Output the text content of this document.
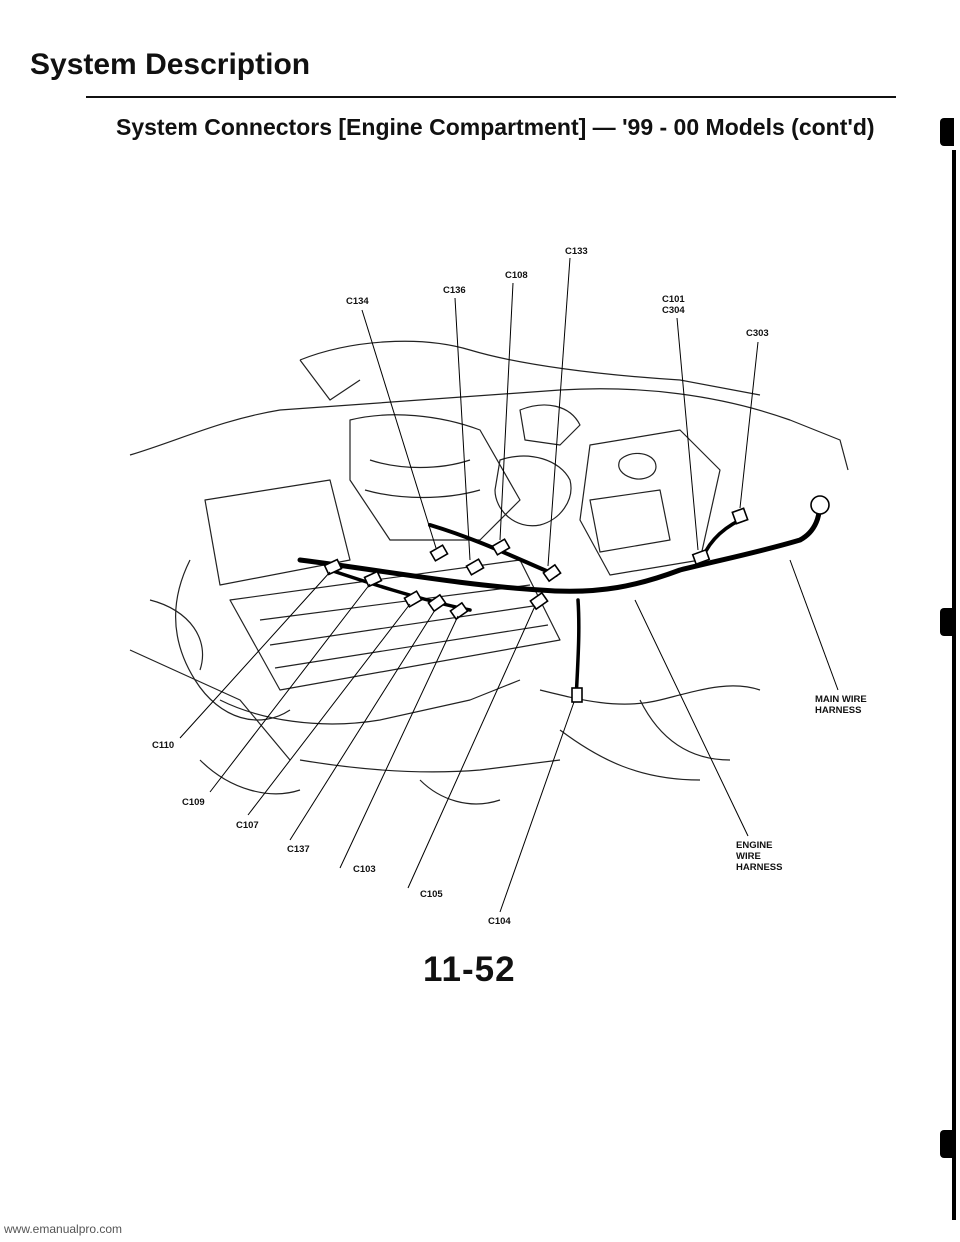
System Description
System Connectors [Engine Compartment] — '99 - 00 Models (cont'd)
C133
C108
C136
C134	C101
C304
C303
MAIN WIRE
HARNESS
C110
C109
C107
C137
C103
C105
C104
ENGINE
WIRE
HARNESS
11-52
www.emanualpro.com
